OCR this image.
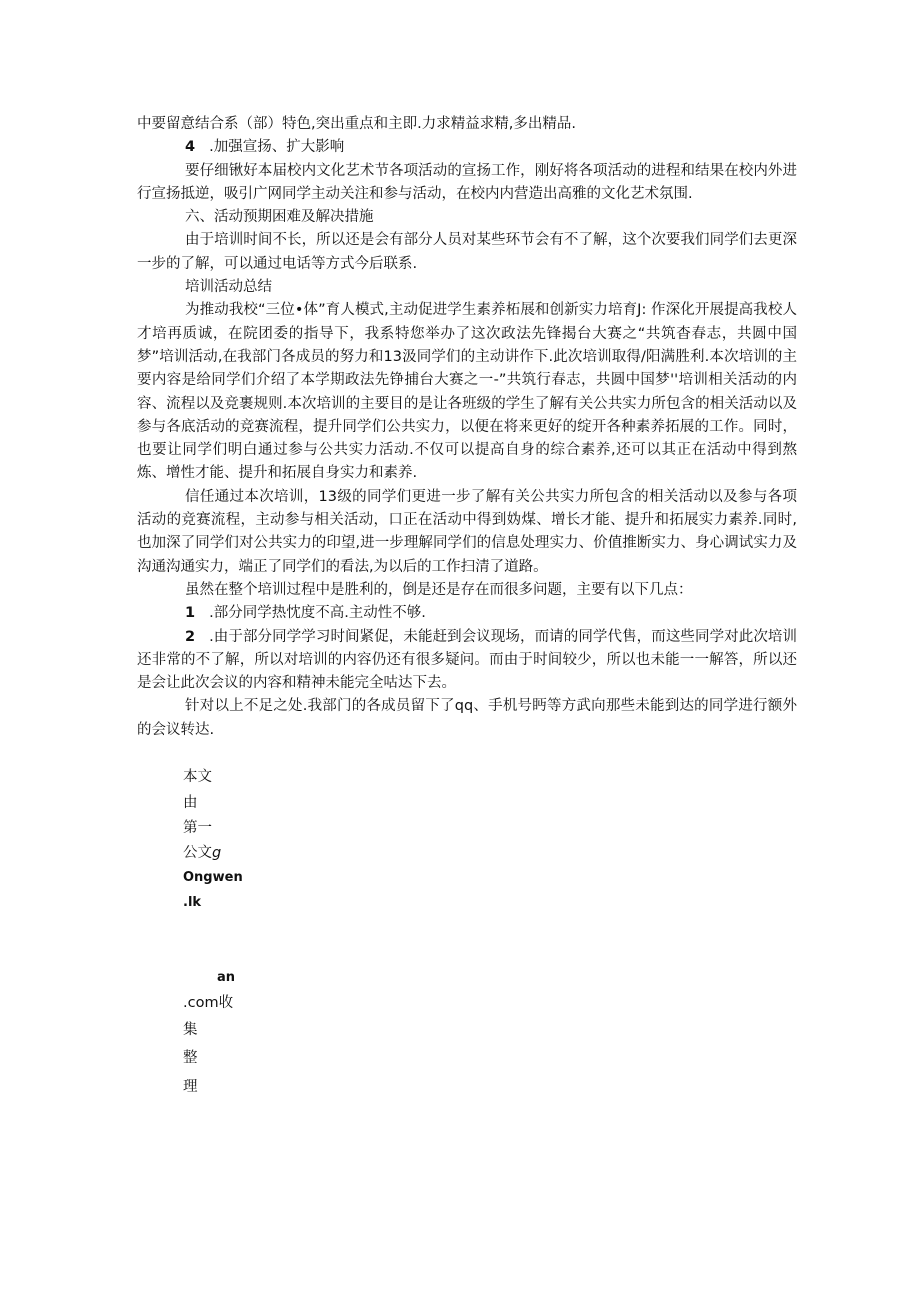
中要留意结合系（部）特色,突出重点和主即.力求精益求精,多出精品.

4 .加强宣扬、扩大影响

要仔细锹好本届校内文化艺术节各项活动的宣扬工作，刚好将各项活动的进程和结果在校内外进行宣扬抵逆，吸引广网同学主动关注和参与活动，在校内内营造出高雅的文化艺术氛围.

六、活动预期困难及解决措施

由于培训时间不长，所以还是会有部分人员对某些环节会有不了解，这个次要我们同学们去更深一步的了解，可以通过电话等方式今后联系.

培训活动总结

为推动我校“三位•体”育人模式,主动促进学生素养柘展和创新实力培育J: 作深化开展提高我校人才培再质诚，在院团委的指导下，我系特您举办了这次政法先锋揭台大赛之“共筑杳春志，共圆中国梦”培训活动,在我部门各成员的努力和13汲同学们的主动讲作下.此次培训取得/阳满胜利.本次培训的主要内容是给同学们介绍了本学期政法先铮捕台大赛之一-”共筑行春志，共圆中国梦''培训相关活动的内容、流程以及竞裹规则.本次培训的主要目的是让各班级的学生了解有关公共实力所包含的相关活动以及参与各底活动的竞赛流程，提升同学们公共实力，以便在将来更好的绽开各种素养拓展的工作。同时，也要让同学们明白通过参与公共实力活动.不仅可以提高自身的综合素养,还可以其正在活动中得到熬炼、增性才能、提升和拓展自身实力和素养.

信任通过本次培训，13级的同学们更进一步了解有关公共实力所包含的相关活动以及参与各项活动的竞赛流程，主动参与相关活动，口正在活动中得到妫煤、增长才能、提升和拓展实力素养.同时,也加深了同学们对公共实力的印望,进一步理解同学们的信息处理实力、价值推断实力、身心调试实力及沟通沟通实力，端正了同学们的看法,为以后的工作扫清了道路。

虽然在整个培训过程中是胜利的，倒是还是存在而很多问题，主要有以下几点：

1 .部分同学热忱度不高.主动性不够.

2 .由于部分同学学习时间紧促，未能赶到会议现场，而请的同学代售，而这些同学对此次培训还非常的不了解，所以对培训的内容仍还有很多疑问。而由于时间较少，所以也未能一一解答，所以还是会让此次会议的内容和精神未能完全咕达下去。

针对以上不足之处.我部门的各成员留下了qq、手机号眄等方武向那些未能到达的同学进行额外的会议转达.

本文
由
第一
公文g
Ongwen
.lk
an
.com收
集
整
理
